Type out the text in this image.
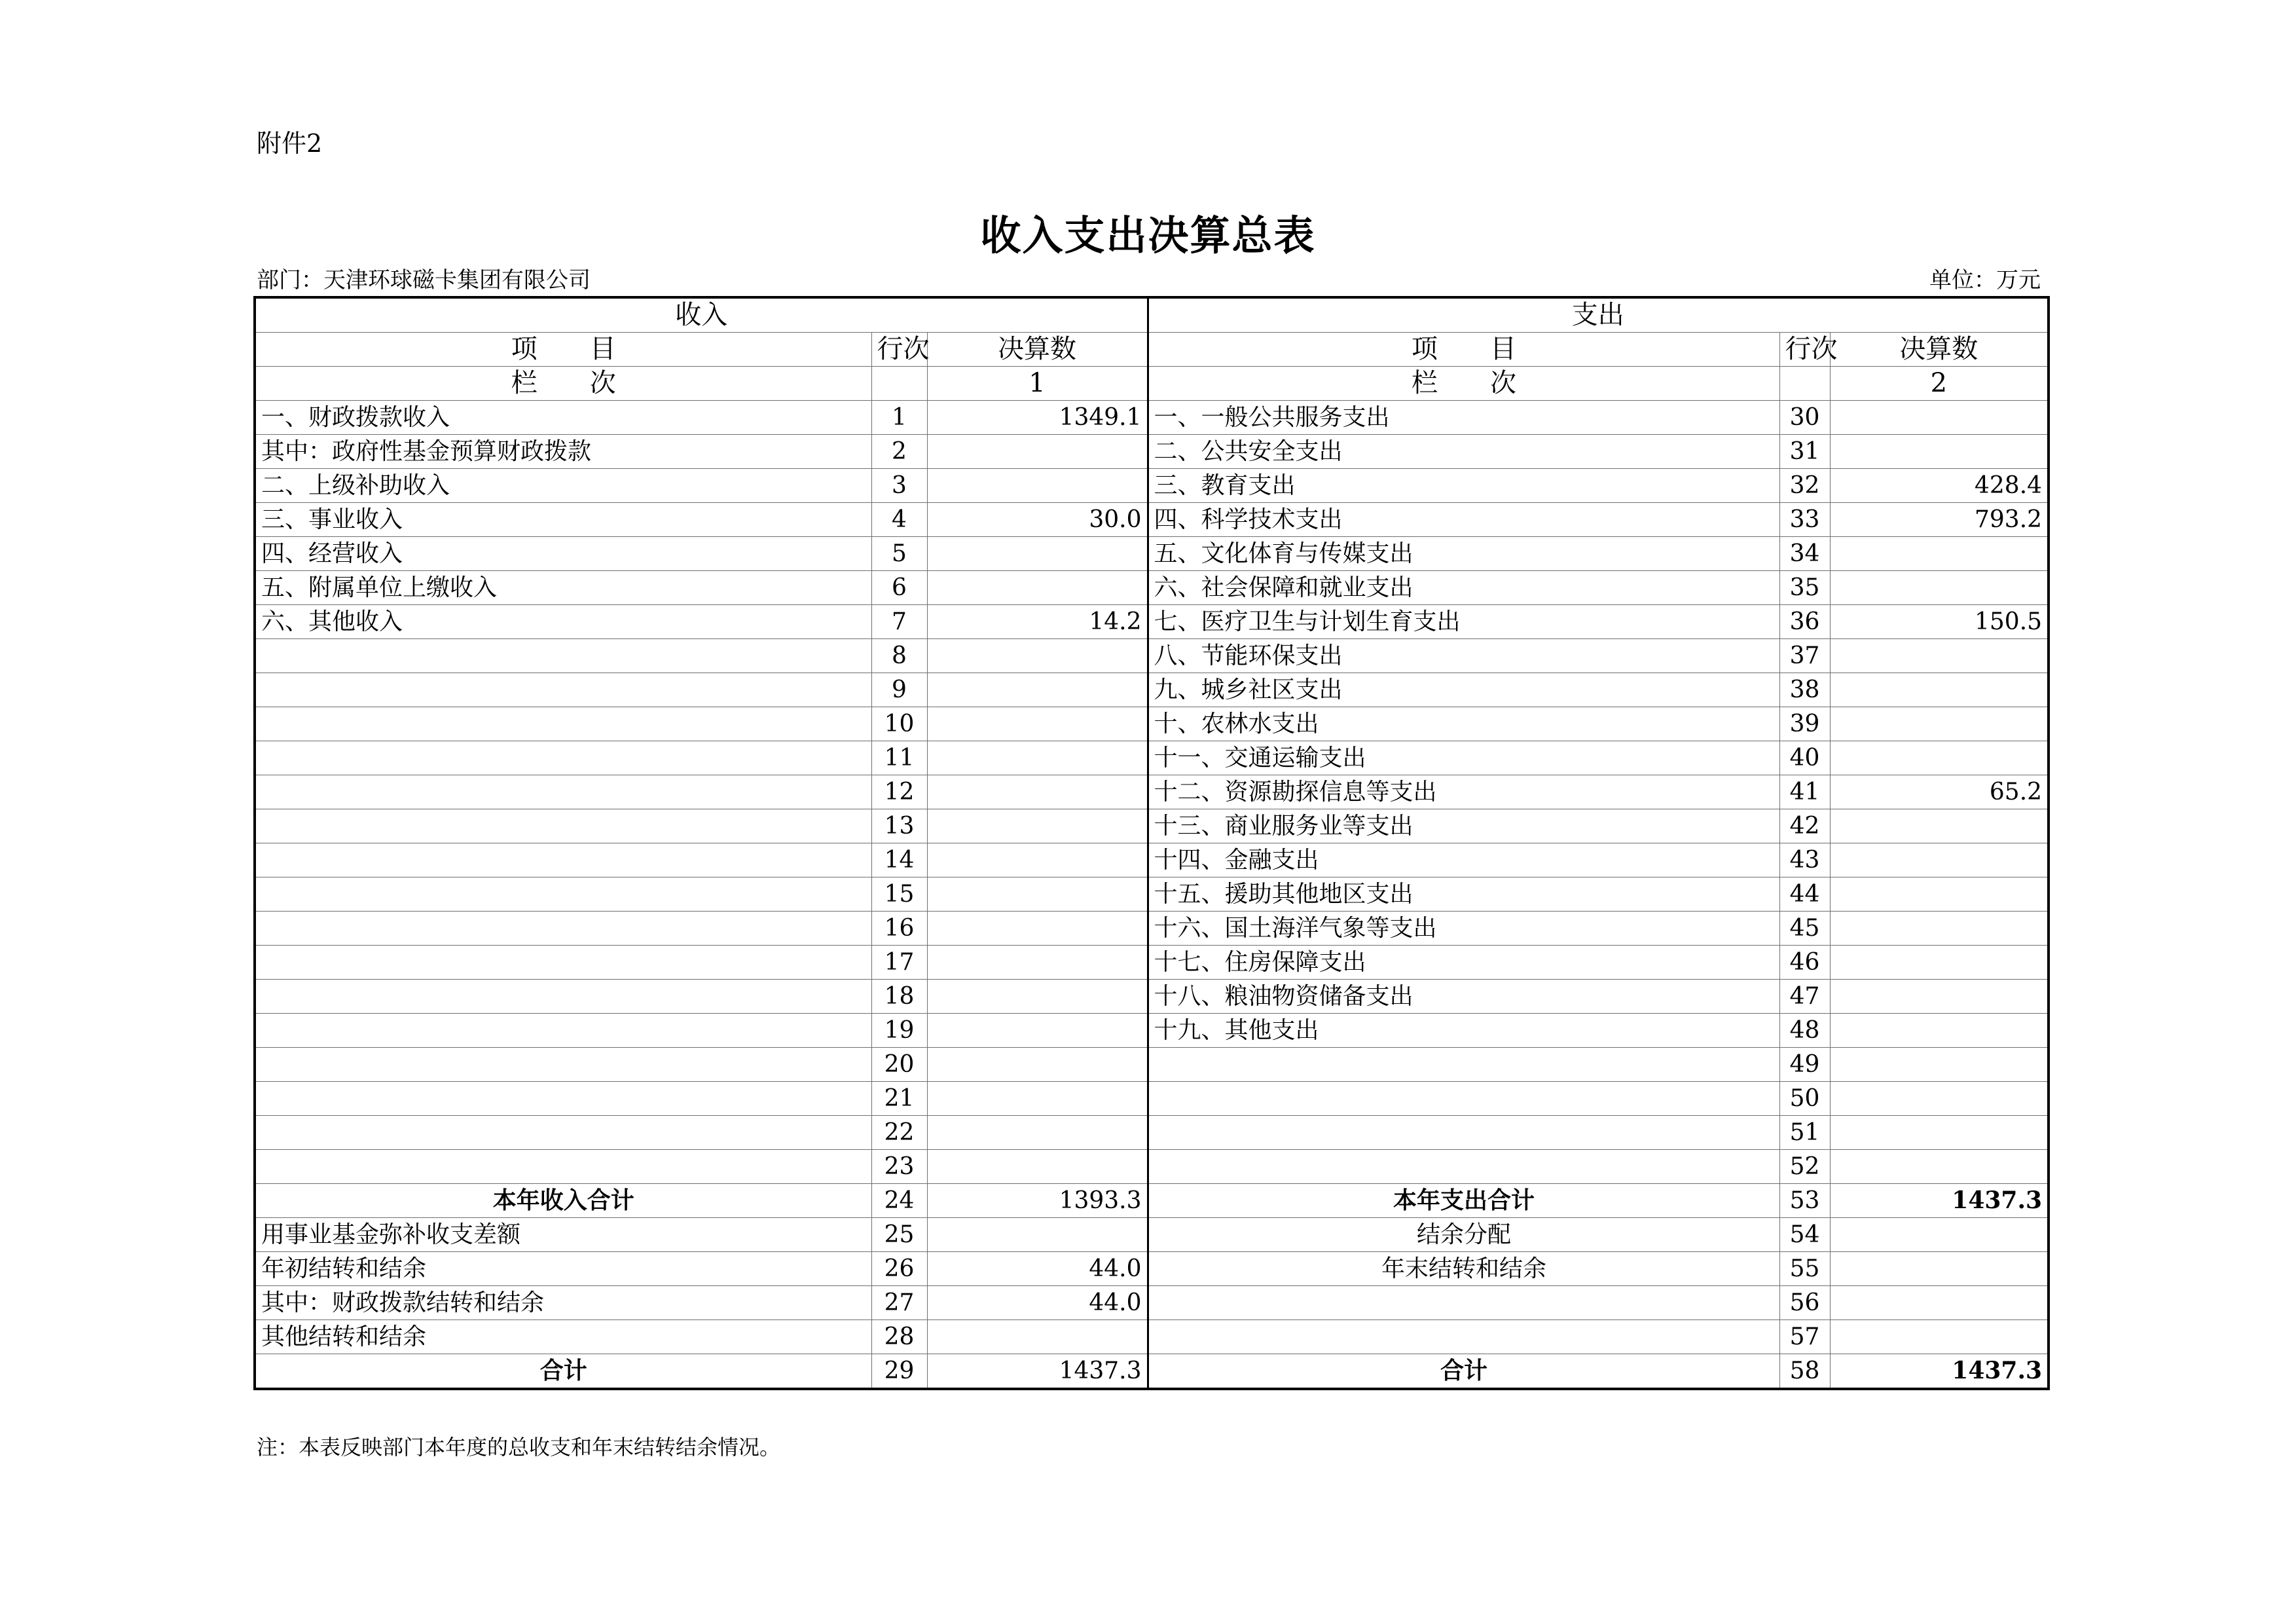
附件2
收入支出决算总表
部门：天津环球磁卡集团有限公司	单位：万元
收入			支出		
项　　目	行次	决算数	项　　目	行次	决算数
栏　　次		1	栏　　次		2
一、财政拨款收入	1	1349.1	一、一般公共服务支出	30	
其中：政府性基金预算财政拨款	2		二、公共安全支出	31	
二、上级补助收入	3		三、教育支出	32	428.4
三、事业收入	4	30.0	四、科学技术支出	33	793.2
四、经营收入	5		五、文化体育与传媒支出	34	
五、附属单位上缴收入	6		六、社会保障和就业支出	35	
六、其他收入	7	14.2	七、医疗卫生与计划生育支出	36	150.5
	8		八、节能环保支出	37	
	9		九、城乡社区支出	38	
	10		十、农林水支出	39	
	11		十一、交通运输支出	40	
	12		十二、资源勘探信息等支出	41	65.2
	13		十三、商业服务业等支出	42	
	14		十四、金融支出	43	
	15		十五、援助其他地区支出	44	
	16		十六、国土海洋气象等支出	45	
	17		十七、住房保障支出	46	
	18		十八、粮油物资储备支出	47	
	19		十九、其他支出	48	
	20			49	
	21			50	
	22			51	
	23			52	
本年收入合计	24	1393.3	本年支出合计	53	1437.3
用事业基金弥补收支差额	25		结余分配	54	
年初结转和结余	26	44.0	年末结转和结余	55	
其中：财政拨款结转和结余	27	44.0		56	
其他结转和结余	28			57	
合计	29	1437.3	合计	58	1437.3
注：本表反映部门本年度的总收支和年末结转结余情况。
